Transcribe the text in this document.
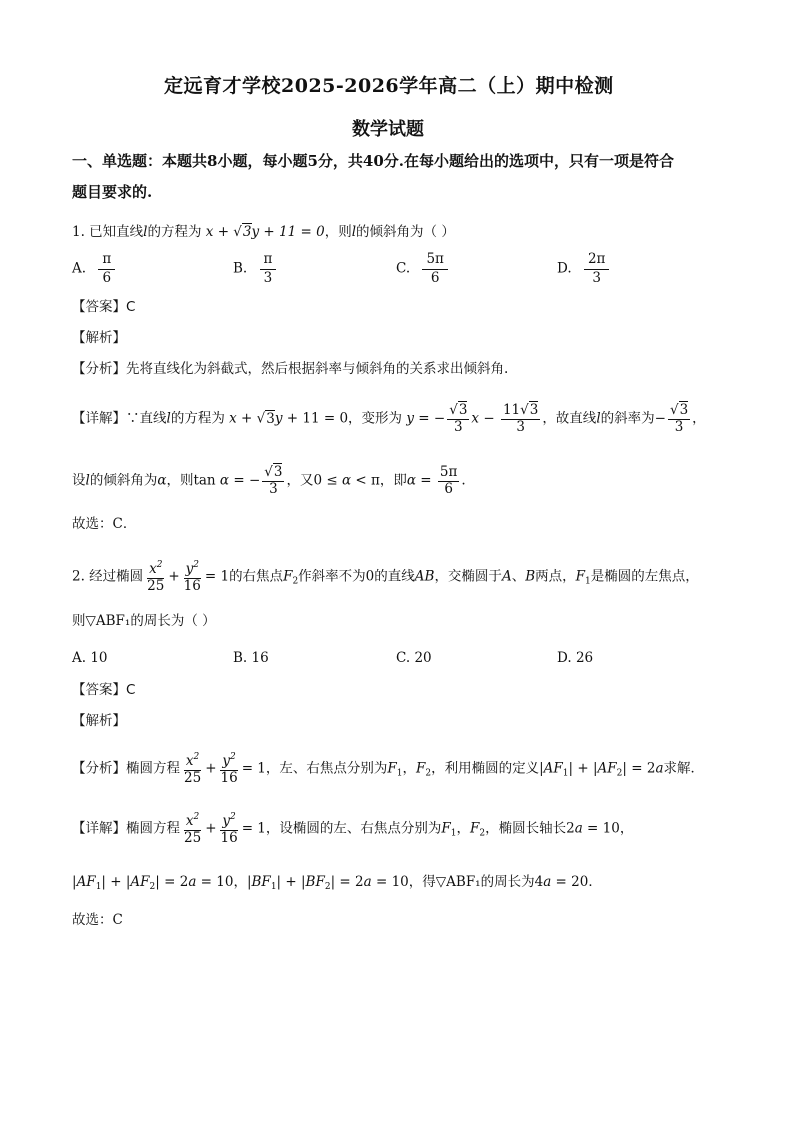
定远育才学校2025-2026学年高二（上）期中检测
数学试题
一、单选题：本题共8小题，每小题5分，共40分.在每小题给出的选项中，只有一项是符合
题目要求的.
1. 已知直线l的方程为 x + √3y + 11 = 0，则l的倾斜角为（ ）
A. $\frac{\pi}{6}$	B. $\frac{\pi}{3}$	C. $\frac{5\pi}{6}$	D. $\frac{2\pi}{3}$
【答案】C
【解析】
【分析】先将直线化为斜截式，然后根据斜率与倾斜角的关系求出倾斜角.
【详解】∵直线l的方程为 x + √3y + 11 = 0，变形为 y = − $\frac{√3}{3}$ $x - \frac{11√3}{3}$ ，故直线l的斜率为− $\frac{√3}{3}$ ，
设l的倾斜角为α，则tan α = − $\frac{√3}{3}$ ，又0 ≤ α < π，即$\alpha = \frac{5\pi}{6}$ .
故选：C．
2. 经过椭圆 $\frac{x^2}{25} + \frac{y^2}{16} = 1$的右焦点$F_2$作斜率不为0的直线AB，交椭圆于A、B两点，$F_1$是椭圆的左焦点，
则▽ABF₁的周长为（ ）
A. 10	B. 16	C. 20	D. 26
【答案】C
【解析】
【分析】椭圆方程 $\frac{x^2}{25} + \frac{y^2}{16} = 1$，左、右焦点分别为$F_1$，$F_2$，利用椭圆的定义$|AF_1| + |AF_2| = 2a$求解．
【详解】椭圆方程 $\frac{x^2}{25} + \frac{y^2}{16} = 1$，设椭圆的左、右焦点分别为$F_1$，$F_2$，椭圆长轴长2a = 10，
$|AF_1| + |AF_2| = 2a = 10$，$|BF_1| + |BF_2| = 2a = 10$，得▽ABF₁的周长为4a = 20．
故选：C
